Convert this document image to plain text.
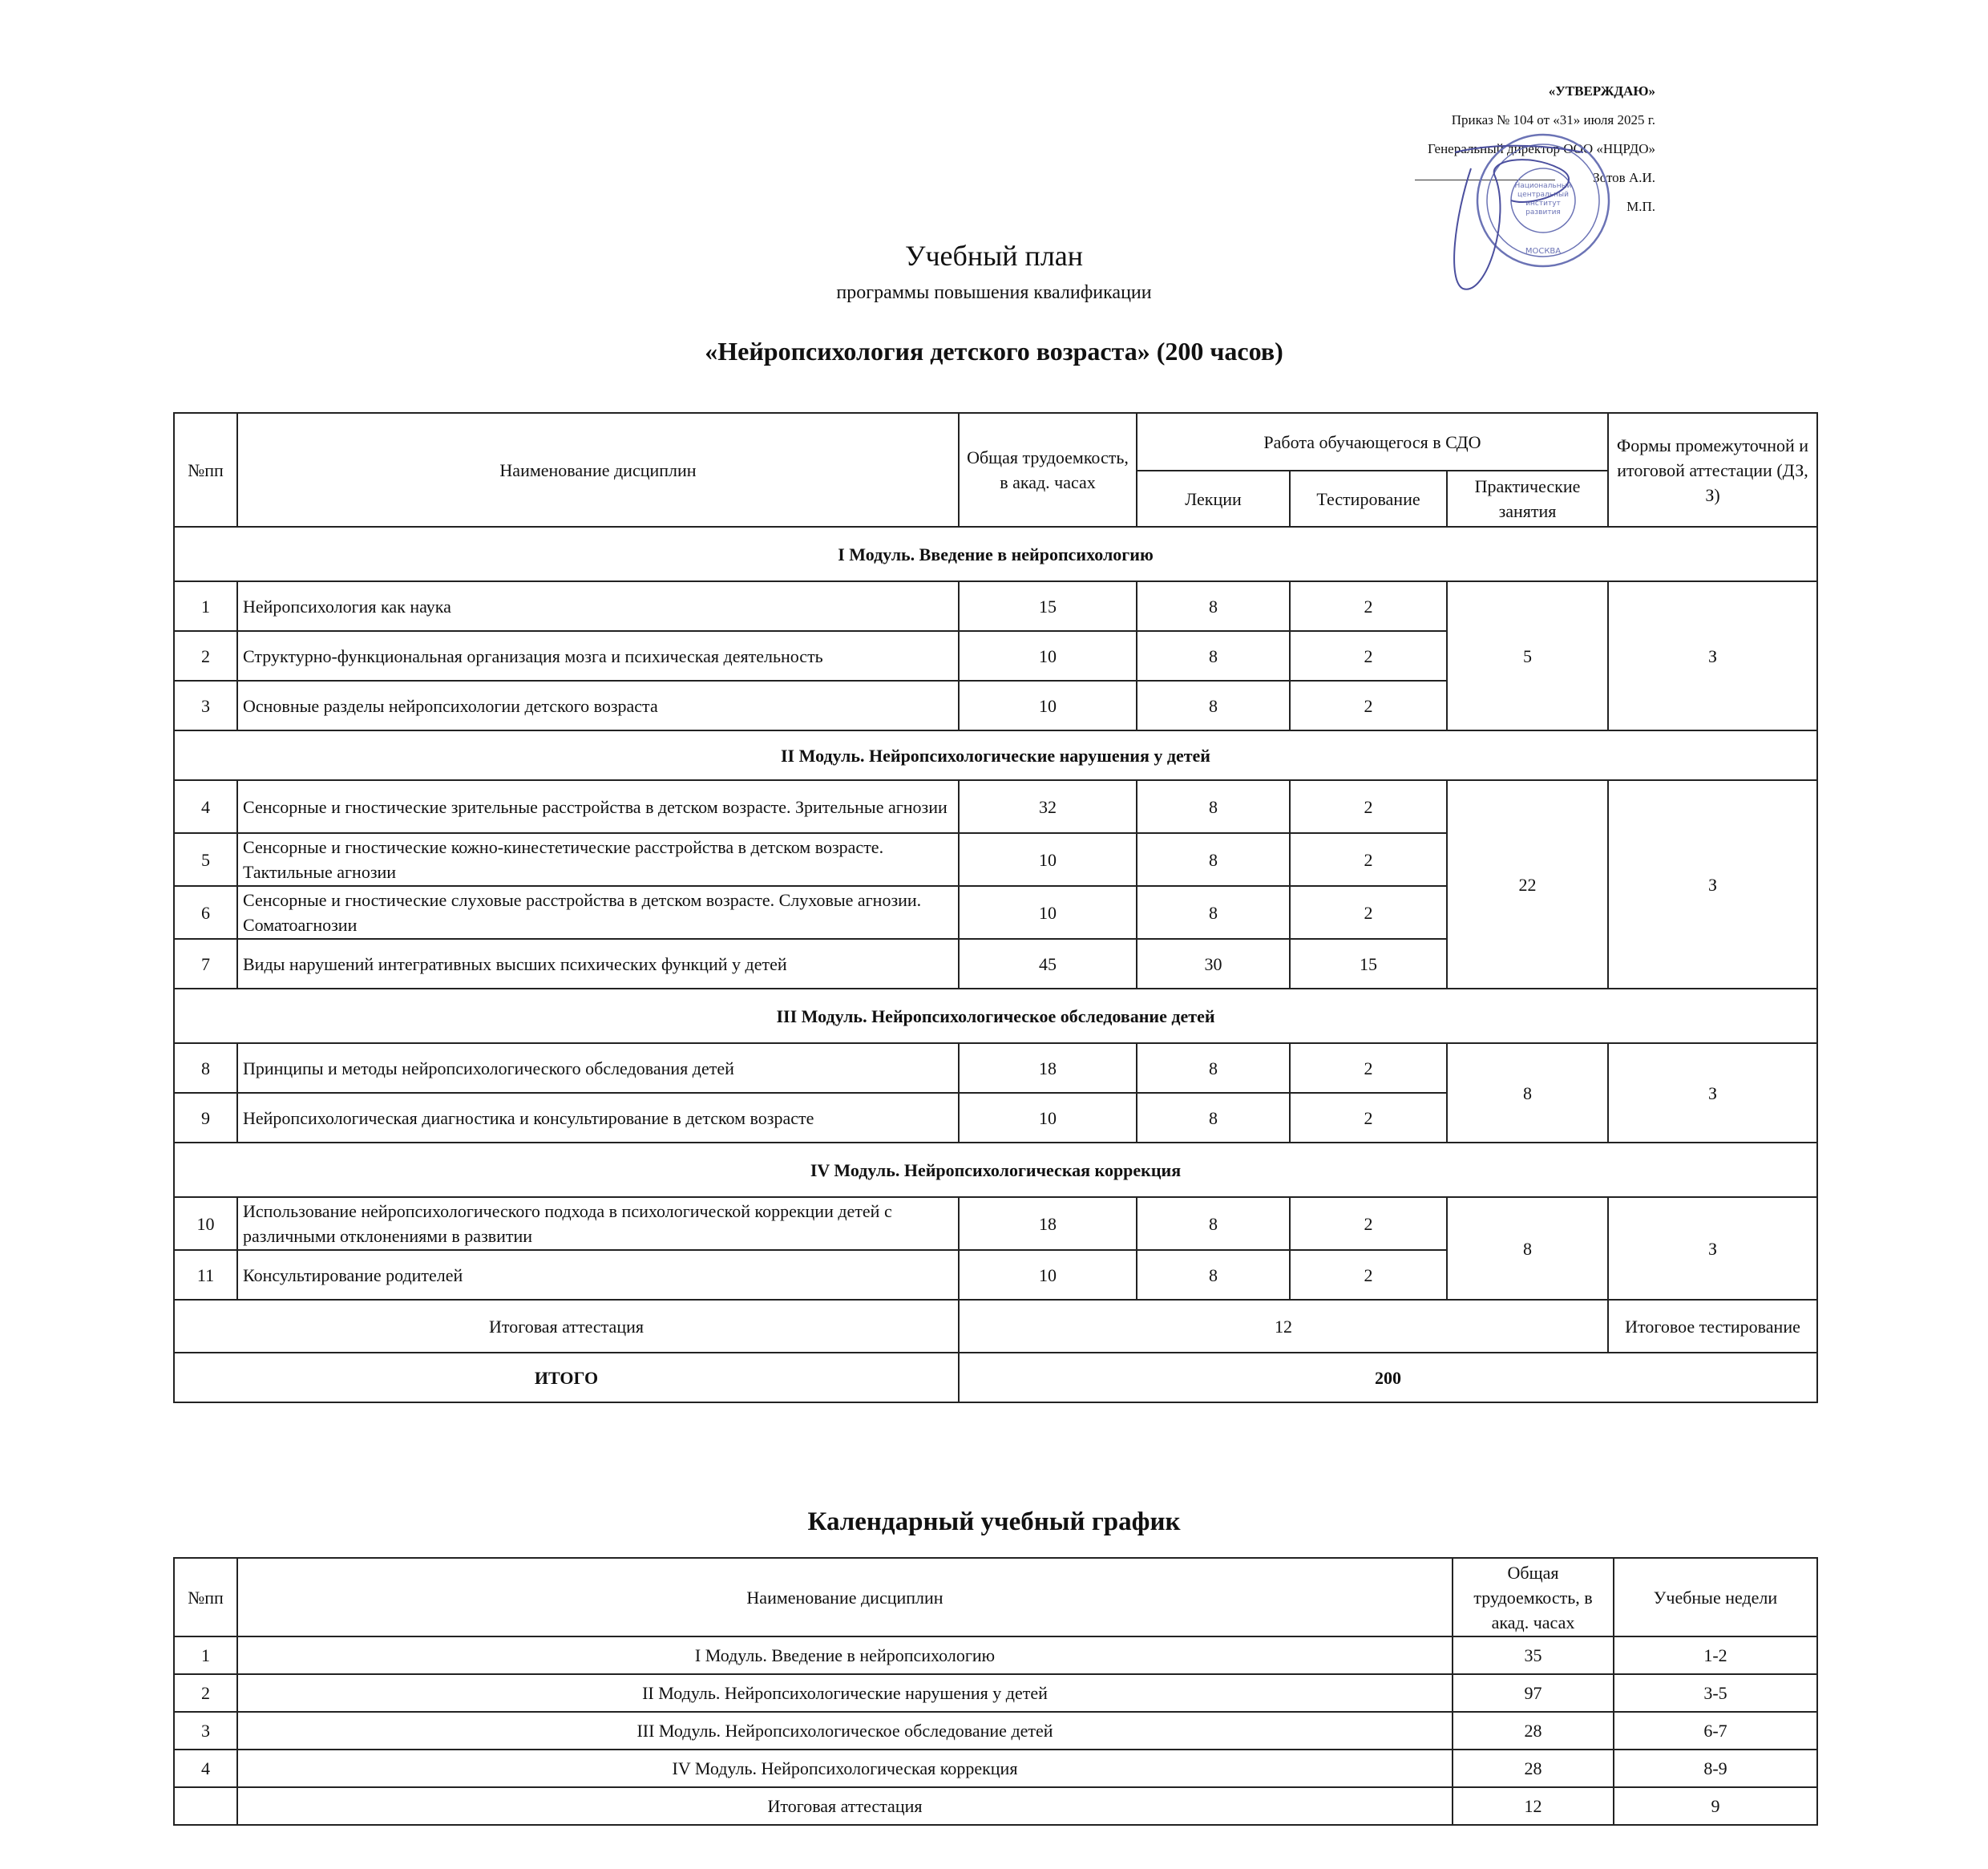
«УТВЕРЖДАЮ»
Приказ № 104 от «31» июля 2025 г.
Генеральный директор ООО «НЦРДО»
Зотов А.И.
М.П.
Национальный
центральный
институт
развития
МОСКВА
Учебный план
программы повышения квалификации
«Нейропсихология детского возраста» (200 часов)
№пп	Наименование дисциплин	Общая трудоемкость, в акад. часах	Работа обучающегося в СДО			Формы промежуточной и итоговой аттестации (ДЗ, З)
			Лекции	Тестирование	Практические занятия	
I Модуль. Введение в нейропсихологию						
1	Нейропсихология как наука	15	8	2	5	З
2	Структурно-функциональная организация мозга и психическая деятельность	10	8	2		
3	Основные разделы нейропсихологии детского возраста	10	8	2		
II Модуль. Нейропсихологические нарушения у детей						
4	Сенсорные и гностические зрительные расстройства в детском возрасте. Зрительные агнозии	32	8	2	22	З
5	Сенсорные и гностические кожно-кинестетические расстройства в детском возрасте. Тактильные агнозии	10	8	2		
6	Сенсорные и гностические слуховые расстройства в детском возрасте. Слуховые агнозии. Соматоагнозии	10	8	2		
7	Виды нарушений интегративных высших психических функций у детей	45	30	15		
III Модуль. Нейропсихологическое обследование детей						
8	Принципы и методы нейропсихологического обследования детей	18	8	2	8	З
9	Нейропсихологическая диагностика и консультирование в детском возрасте	10	8	2		
IV Модуль. Нейропсихологическая коррекция						
10	Использование нейропсихологического подхода в психологической коррекции детей с различными отклонениями в развитии	18	8	2	8	З
11	Консультирование родителей	10	8	2		
Итоговая аттестация		12				Итоговое тестирование
ИТОГО		200				
Календарный учебный график
№пп	Наименование дисциплин	Общая трудоемкость, в акад. часах	Учебные недели
1	I Модуль. Введение в нейропсихологию	35	1-2
2	II Модуль. Нейропсихологические нарушения у детей	97	3-5
3	III Модуль. Нейропсихологическое обследование детей	28	6-7
4	IV Модуль. Нейропсихологическая коррекция	28	8-9
	Итоговая аттестация	12	9
